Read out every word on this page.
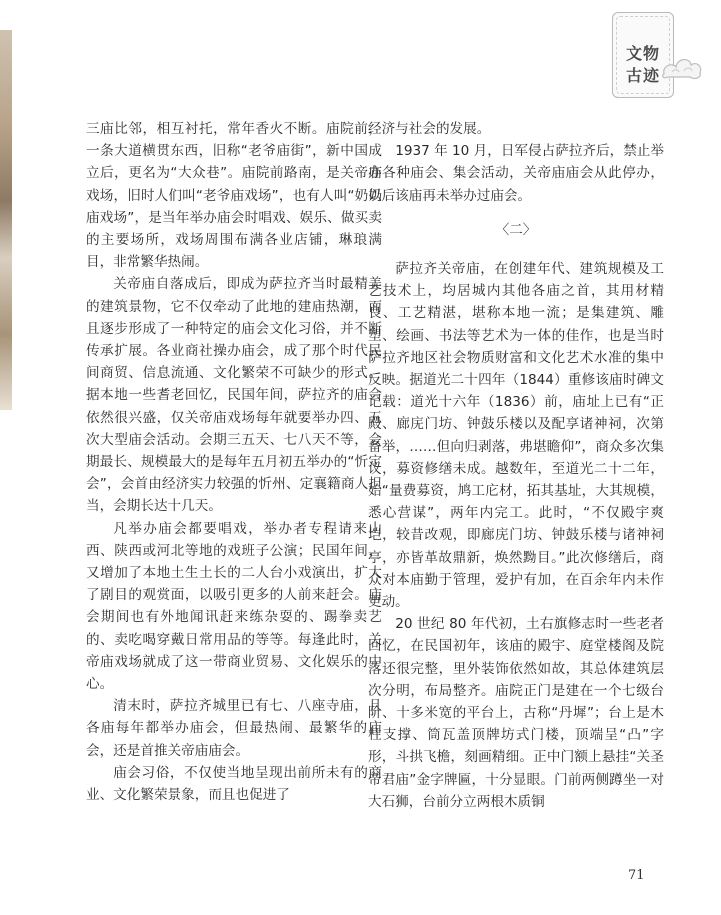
文物
古迹

三庙比邻，相互衬托，常年香火不断。庙院前，一条大道横贯东西，旧称“老爷庙街”，新中国成立后，更名为“大众巷”。庙院前路南，是关帝庙戏场，旧时人们叫“老爷庙戏场”，也有人叫“奶奶庙戏场”，是当年举办庙会时唱戏、娱乐、做买卖的主要场所，戏场周围布满各业店铺，琳琅满目，非常繁华热闹。

关帝庙自落成后，即成为萨拉齐当时最精美的建筑景物，它不仅牵动了此地的建庙热潮，而且逐步形成了一种特定的庙会文化习俗，并不断传承扩展。各业商社操办庙会，成了那个时代民间商贸、信息流通、文化繁荣不可缺少的形式。据本地一些耆老回忆，民国年间，萨拉齐的庙会依然很兴盛，仅关帝庙戏场每年就要举办四、五次大型庙会活动。会期三五天、七八天不等，会期最长、规模最大的是每年五月初五举办的“忻定会”，会首由经济实力较强的忻州、定襄籍商人担当，会期长达十几天。

凡举办庙会都要唱戏，举办者专程请来山西、陕西或河北等地的戏班子公演；民国年间，又增加了本地土生土长的二人台小戏演出，扩大了剧目的观赏面，以吸引更多的人前来赶会。庙会期间也有外地闻讯赶来练杂耍的、踢拳卖艺的、卖吃喝穿戴日常用品的等等。每逢此时，关帝庙戏场就成了这一带商业贸易、文化娱乐的中心。

清末时，萨拉齐城里已有七、八座寺庙，且各庙每年都举办庙会，但最热闹、最繁华的庙会，还是首推关帝庙庙会。

庙会习俗，不仅使当地呈现出前所未有的商业、文化繁荣景象，而且也促进了

经济与社会的发展。

1937 年 10 月，日军侵占萨拉齐后，禁止举办各种庙会、集会活动，关帝庙庙会从此停办，以后该庙再未举办过庙会。

〈二〉

萨拉齐关帝庙，在创建年代、建筑规模及工艺技术上，均居城内其他各庙之首，其用材精良、工艺精湛，堪称本地一流；是集建筑、雕塑、绘画、书法等艺术为一体的佳作，也是当时萨拉齐地区社会物质财富和文化艺术水准的集中反映。据道光二十四年（1844）重修该庙时碑文记载：道光十六年（1836）前，庙址上已有“正殿、廊庑门坊、钟鼓乐楼以及配享诸神祠，次第备举，……但向归剥落，弗堪瞻仰”，商众多次集议，募资修缮未成。越数年，至道光二十二年，始“量费募资，鸠工庀材，拓其基址，大其规模，悉心营谋”，两年内完工。此时，“不仅殿宇爽垲，较昔改观，即廊庑门坊、钟鼓乐楼与诸神祠亭，亦皆革故鼎新，焕然黝目。”此次修缮后，商众对本庙勤于管理，爱护有加，在百余年内未作更动。

20 世纪 80 年代初，土右旗修志时一些老者回忆，在民国初年，该庙的殿宇、庭堂楼阁及院落还很完整，里外装饰依然如故，其总体建筑层次分明，布局整齐。庙院正门是建在一个七级台阶、十多米宽的平台上，古称“丹墀”；台上是木柱支撑、筒瓦盖顶牌坊式门楼，顶端呈“凸”字形，斗拱飞檐，刻画精细。正中门额上悬挂“关圣帝君庙”金字牌匾，十分显眼。门前两侧蹲坐一对大石狮，台前分立两根木质铜

71
